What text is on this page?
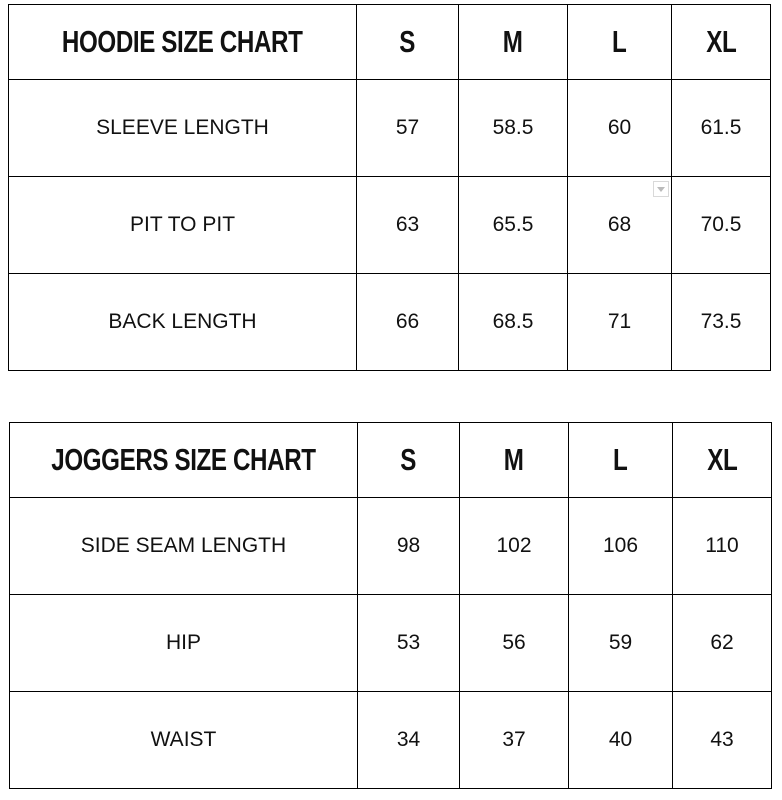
HOODIE SIZE CHART	S	M	L	XL
SLEEVE LENGTH	57	58.5	60	61.5
PIT TO PIT	63	65.5	68	70.5
BACK LENGTH	66	68.5	71	73.5
JOGGERS SIZE CHART	S	M	L	XL
SIDE SEAM LENGTH	98	102	106	110
HIP	53	56	59	62
WAIST	34	37	40	43
